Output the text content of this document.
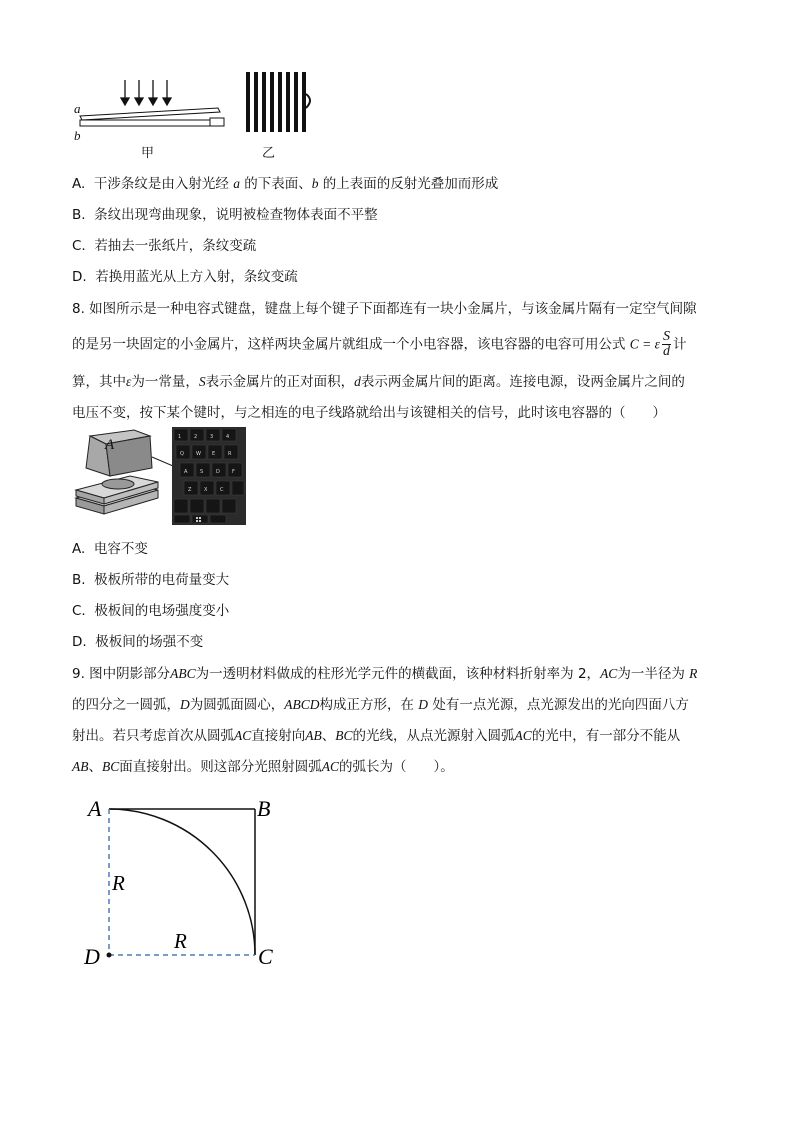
a
b
甲	乙
A. 干涉条纹是由入射光经 a 的下表面、b 的上表面的反射光叠加而形成
B. 条纹出现弯曲现象，说明被检查物体表面不平整
C. 若抽去一张纸片，条纹变疏
D. 若换用蓝光从上方入射，条纹变疏
8. 如图所示是一种电容式键盘，键盘上每个键子下面都连有一块小金属片，与该金属片隔有一定空气间隙
的是另一块固定的小金属片，这样两块金属片就组成一个小电容器，该电容器的电容可用公式 C = ε $\frac{S}{d}$ 计
算，其中ε为一常量，S表示金属片的正对面积，d表示两金属片间的距离。连接电源，设两金属片之间的
电压不变，按下某个键时，与之相连的电子线路就给出与该键相关的信号，此时该电容器的（　　）
A	1	2	3	4
Q W E	R
A	S	D F
Z	X	C
A. 电容不变
B. 极板所带的电荷量变大
C. 极板间的电场强度变小
D. 极板间的场强不变
9. 图中阴影部分ABC为一透明材料做成的柱形光学元件的横截面，该种材料折射率为 2，AC为一半径为 R
的四分之一圆弧，D为圆弧面圆心，ABCD构成正方形，在 D 处有一点光源，点光源发出的光向四面八方
射出。若只考虑首次从圆弧AC直接射向AB、BC的光线，从点光源射入圆弧AC的光中，有一部分不能从
AB、BC面直接射出。则这部分光照射圆弧AC的弧长为（　　）。
A	B
C
D
R
R
